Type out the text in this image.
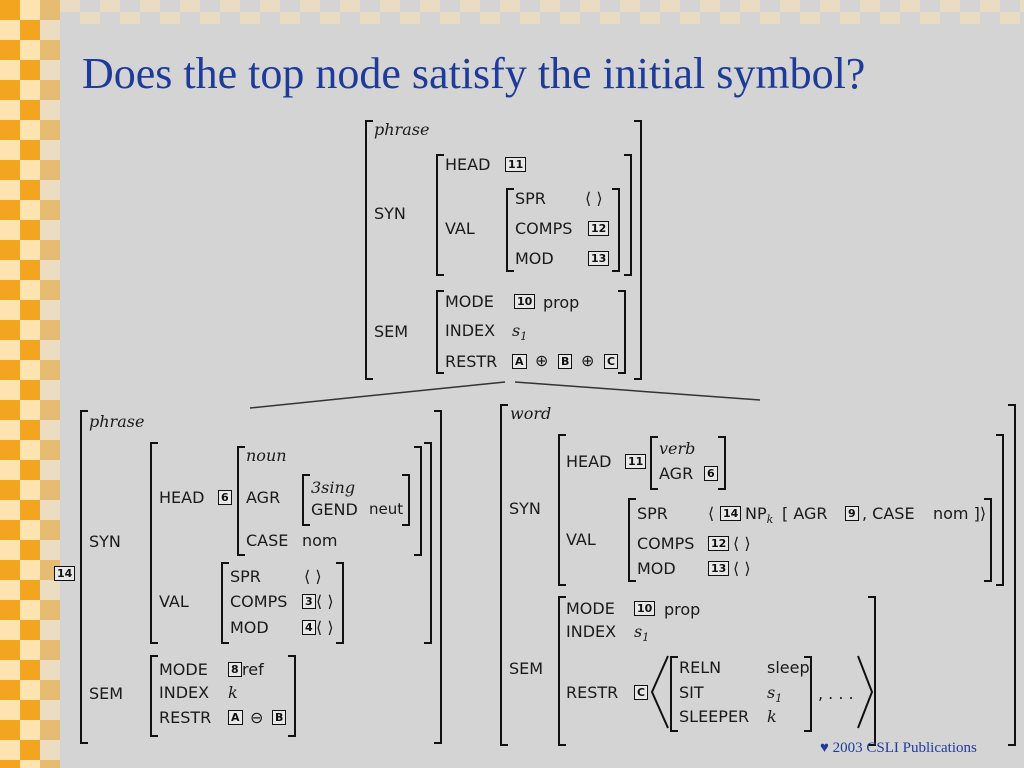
Does the top node satisfy the initial symbol?
phrase
SYN
HEAD 11
VAL
SPR ⟨ ⟩
COMPS 12
MOD	13
SEM
MODE 10 prop
INDEX $s_1$
RESTR A ⊕ B ⊕ C
14
phrase
SYN
HEAD 6
noun
AGR
3sing
GEND neut
CASE nom
VAL
SPR	⟨ ⟩
COMPS 3 ⟨ ⟩
MOD	4 ⟨ ⟩
SEM
MODE 8 ref
INDEX k
RESTR A ⊖ B
word
SYN
HEAD 11
verb
AGR 6
VAL
SPR	⟨ 14 $NP_k$ [ AGR 9 , CASE nom ]⟩
COMPS 12 ⟨ ⟩
MOD	13 ⟨ ⟩
SEM
MODE 10 prop
INDEX $s_1$
RESTR C
RELN	sleep
SIT	$s_1$
SLEEPER k
, . . .
♥ 2003 CSLI Publications
